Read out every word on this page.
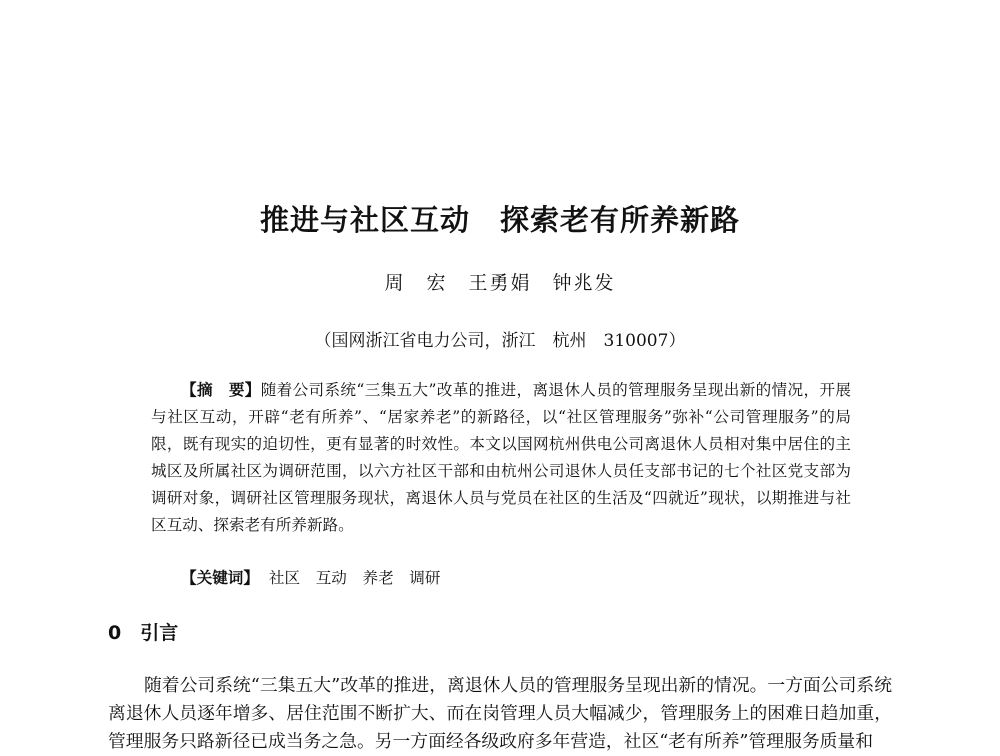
推进与社区互动　探索老有所养新路
周　宏　王勇娟　钟兆发
（国网浙江省电力公司，浙江　杭州　310007）

【摘　要】随着公司系统“三集五大”改革的推进，离退休人员的管理服务呈现出新的情况，开展与社区互动，开辟“老有所养”、“居家养老”的新路径，以“社区管理服务”弥补“公司管理服务”的局限，既有现实的迫切性，更有显著的时效性。本文以国网杭州供电公司离退休人员相对集中居住的主城区及所属社区为调研范围，以六方社区干部和由杭州公司退休人员任支部书记的七个社区党支部为调研对象，调研社区管理服务现状，离退休人员与党员在社区的生活及“四就近”现状，以期推进与社区互动、探索老有所养新路。

【关键词】 社区　互动　养老　调研
0　 引言

随着公司系统“三集五大”改革的推进，离退休人员的管理服务呈现出新的情况。一方面公司系统离退休人员逐年增多、居住范围不断扩大、而在岗管理人员大幅减少，管理服务上的困难日趋加重，管理服务只路新径已成当务之急。另一方面经各级政府多年营造，社区“老有所养”管理服务质量和
